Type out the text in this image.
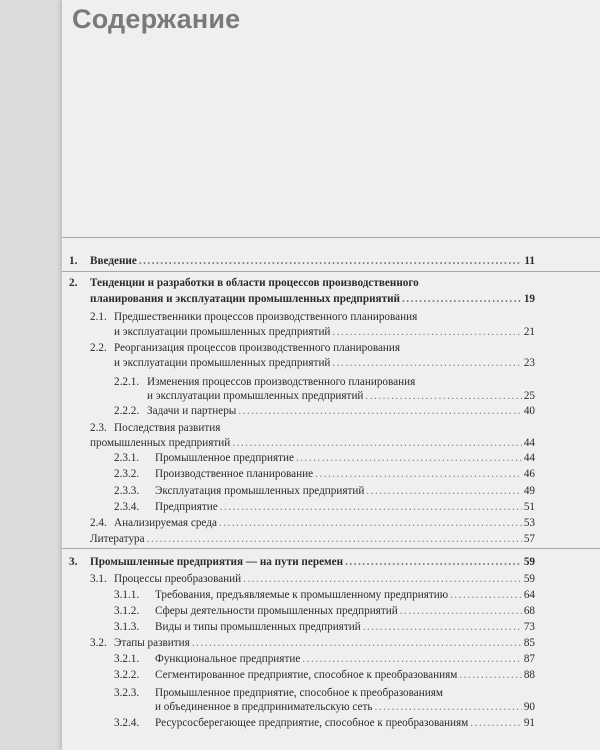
Содержание
1. Введение .....	11
2. Тенденции и разработки в области процессов производственного
планирования и эксплуатации промышленных предприятий .....	19
2.1. Предшественники процессов производственного планирования
и эксплуатации промышленных предприятий .....	21
2.2. Реорганизация процессов производственного планирования
и эксплуатации промышленных предприятий .....	23
2.2.1. Изменения процессов производственного планирования
и эксплуатации промышленных предприятий .....	25
2.2.2. Задачи и партнеры .....	40
2.3. Последствия развития
промышленных предприятий .....	44
2.3.1. Промышленное предприятие .....	44
2.3.2. Производственное планирование .....	46
2.3.3. Эксплуатация промышленных предприятий .....	49
2.3.4. Предприятие .....	51
2.4. Анализируемая среда .....	53
Литература .....	57
3. Промышленные предприятия — на пути перемен .....	59
3.1. Процессы преобразований .....	59
3.1.1. Требования, предъявляемые к промышленному предприятию .....	64
3.1.2. Сферы деятельности промышленных предприятий .....	68
3.1.3. Виды и типы промышленных предприятий .....	73
3.2. Этапы развития .....	85
3.2.1. Функциональное предприятие .....	87
3.2.2. Сегментированное предприятие, способное к преобразованиям .....	88
3.2.3. Промышленное предприятие, способное к преобразованиям
и объединенное в предпринимательскую сеть .....	90
3.2.4. Ресурсосберегающее предприятие, способное к преобразованиям .....	91
